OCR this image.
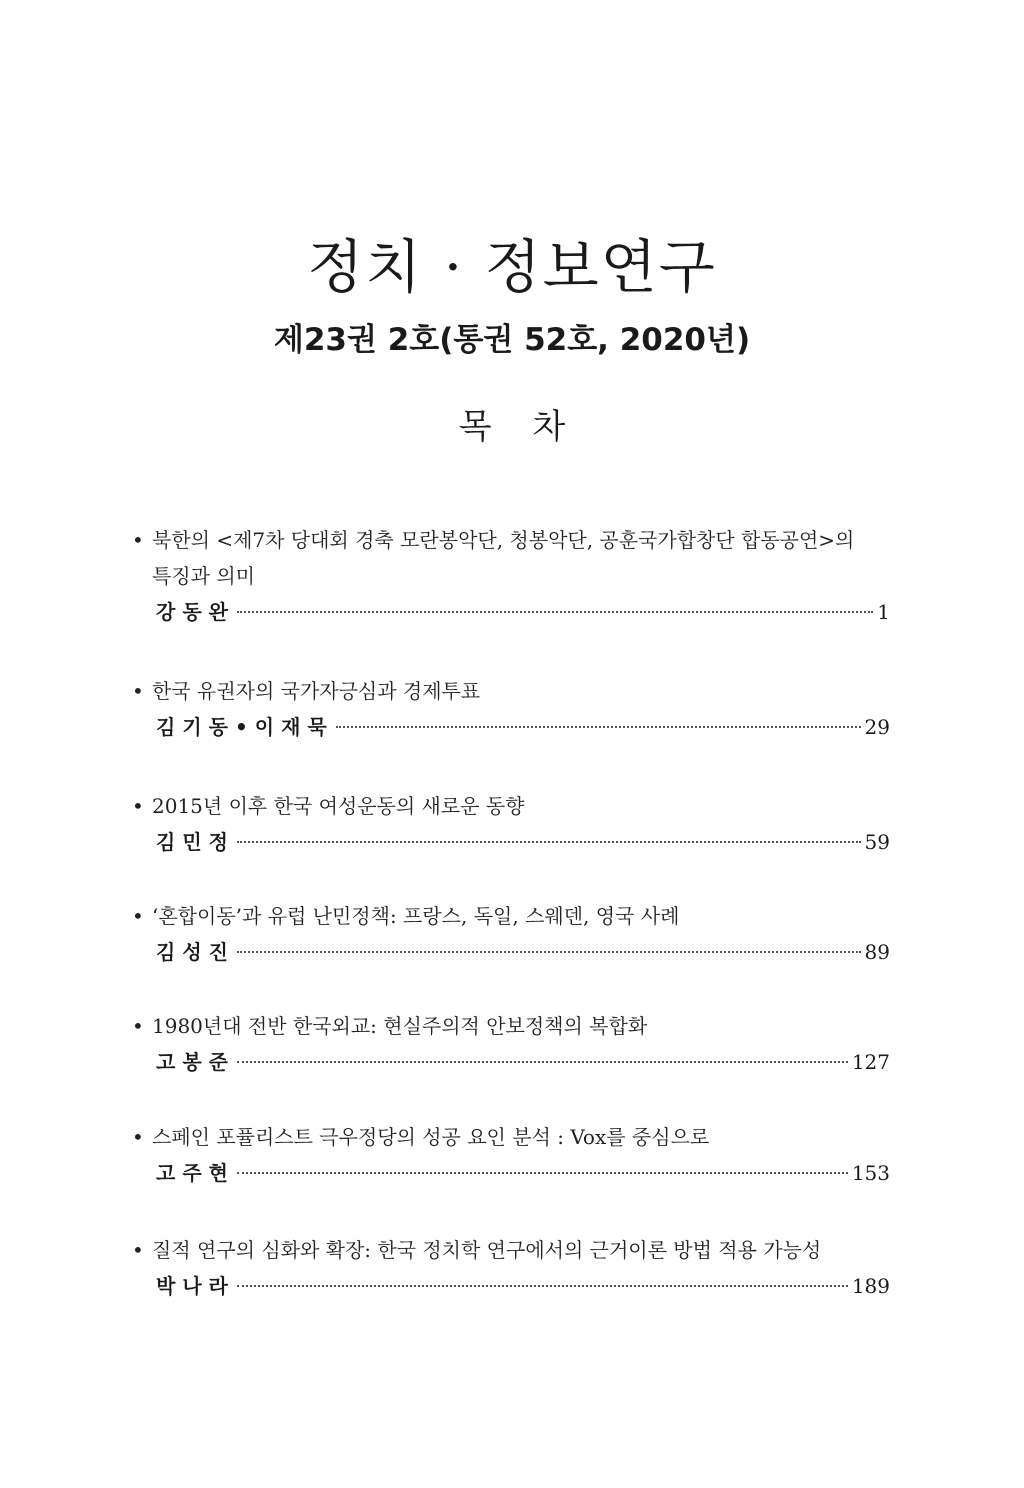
정치 · 정보연구
제23권 2호(통권 52호, 2020년)
목 차
• 북한의 <제7차 당대회 경축 모란봉악단, 청봉악단, 공훈국가합창단 합동공연>의
특징과 의미
강동완	1
• 한국 유권자의 국가자긍심과 경제투표
김기동•이재묵	29
• 2015년 이후 한국 여성운동의 새로운 동향
김민정	59
• ‘혼합이동’과 유럽 난민정책: 프랑스, 독일, 스웨덴, 영국 사례
김성진	89
• 1980년대 전반 한국외교: 현실주의적 안보정책의 복합화
고봉준	127
• 스페인 포퓰리스트 극우정당의 성공 요인 분석 : Vox를 중심으로
고주현	153
• 질적 연구의 심화와 확장: 한국 정치학 연구에서의 근거이론 방법 적용 가능성
박나라	189
